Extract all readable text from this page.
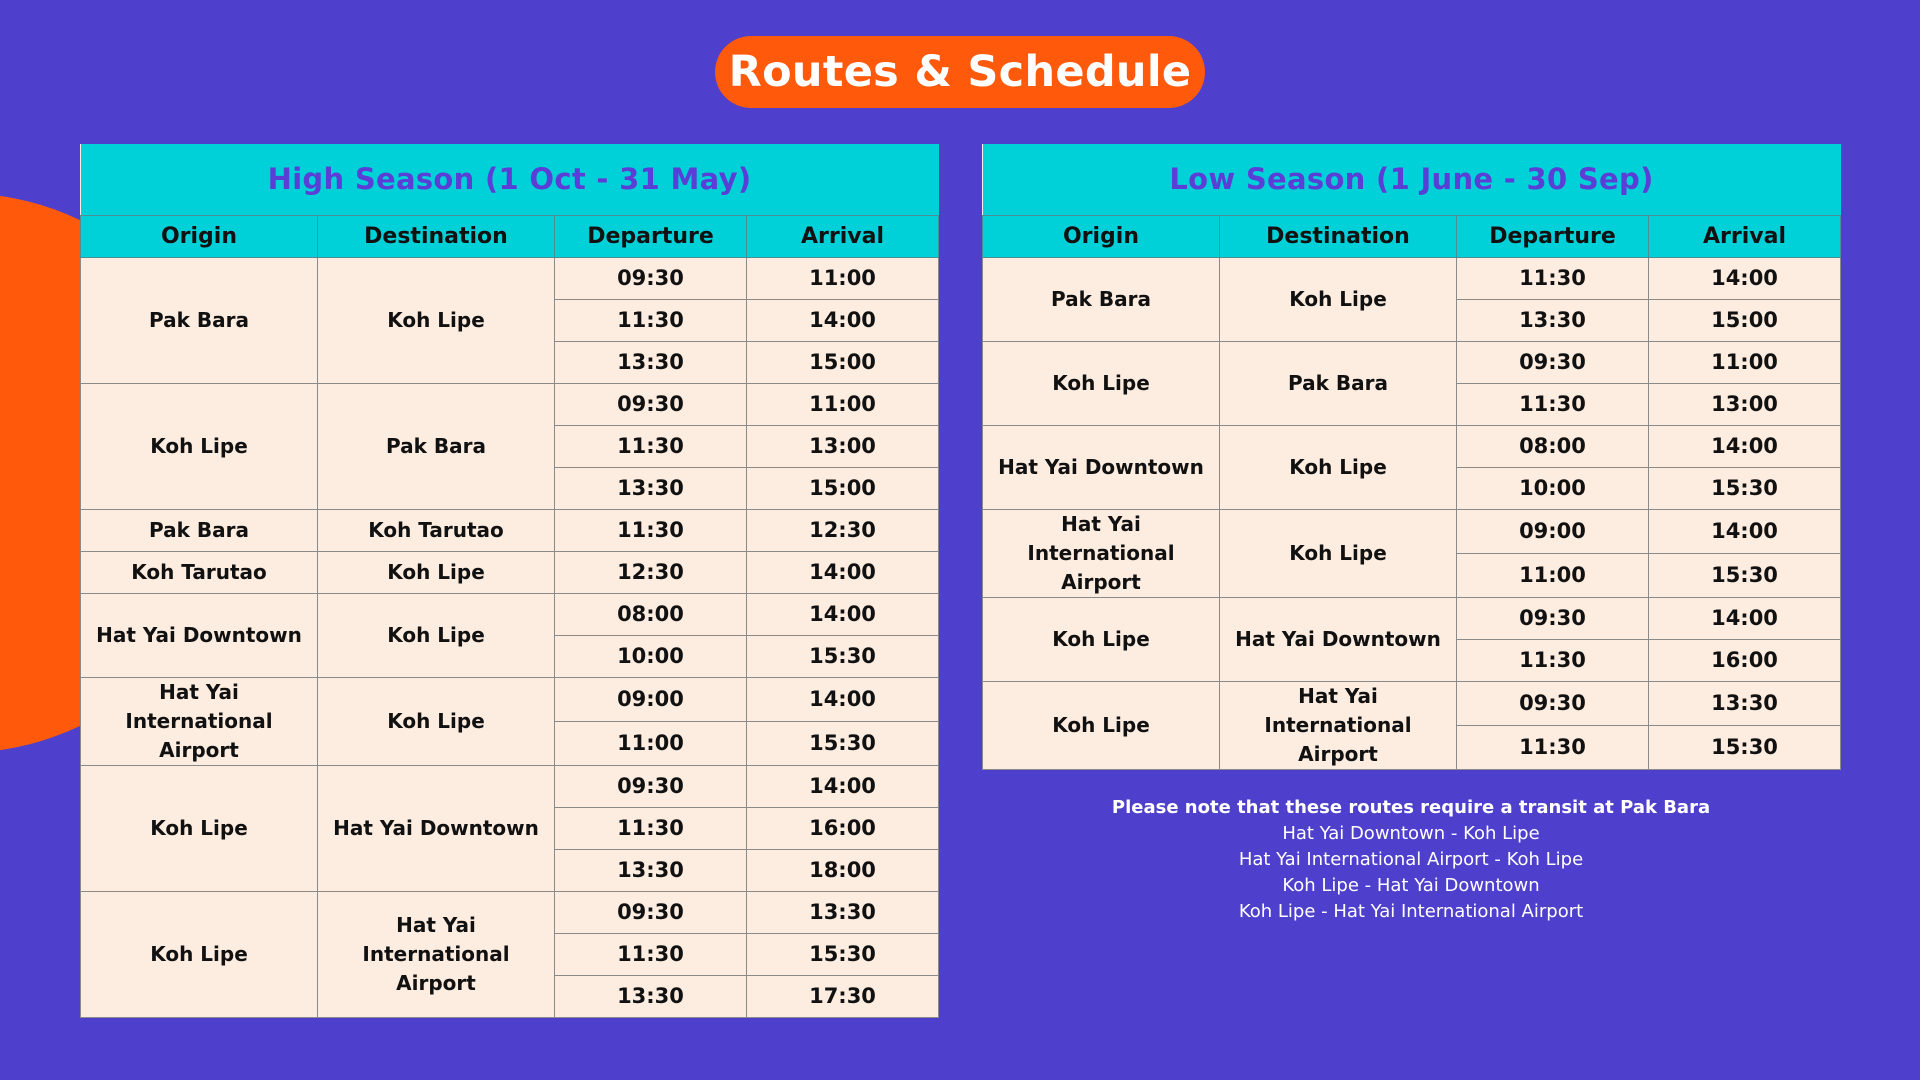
Routes & Schedule
High Season (1 Oct - 31 May)			
Origin	Destination	Departure	Arrival
Pak Bara	Koh Lipe	09:30	11:00
		11:30	14:00
		13:30	15:00
Koh Lipe	Pak Bara	09:30	11:00
		11:30	13:00
		13:30	15:00
Pak Bara	Koh Tarutao	11:30	12:30
Koh Tarutao	Koh Lipe	12:30	14:00
Hat Yai Downtown	Koh Lipe	08:00	14:00
		10:00	15:30
Hat Yai International Airport	Koh Lipe	09:00	14:00
		11:00	15:30
Koh Lipe	Hat Yai Downtown	09:30	14:00
		11:30	16:00
		13:30	18:00
Koh Lipe	Hat Yai International Airport	09:30	13:30
		11:30	15:30
		13:30	17:30
Low Season (1 June - 30 Sep)			
Origin	Destination	Departure	Arrival
Pak Bara	Koh Lipe	11:30	14:00
		13:30	15:00
Koh Lipe	Pak Bara	09:30	11:00
		11:30	13:00
Hat Yai Downtown	Koh Lipe	08:00	14:00
		10:00	15:30
Hat Yai International Airport	Koh Lipe	09:00	14:00
		11:00	15:30
Koh Lipe	Hat Yai Downtown	09:30	14:00
		11:30	16:00
Koh Lipe	Hat Yai International Airport	09:30	13:30
		11:30	15:30
Please note that these routes require a transit at Pak Bara
Hat Yai Downtown - Koh Lipe
Hat Yai International Airport - Koh Lipe
Koh Lipe - Hat Yai Downtown
Koh Lipe - Hat Yai International Airport
